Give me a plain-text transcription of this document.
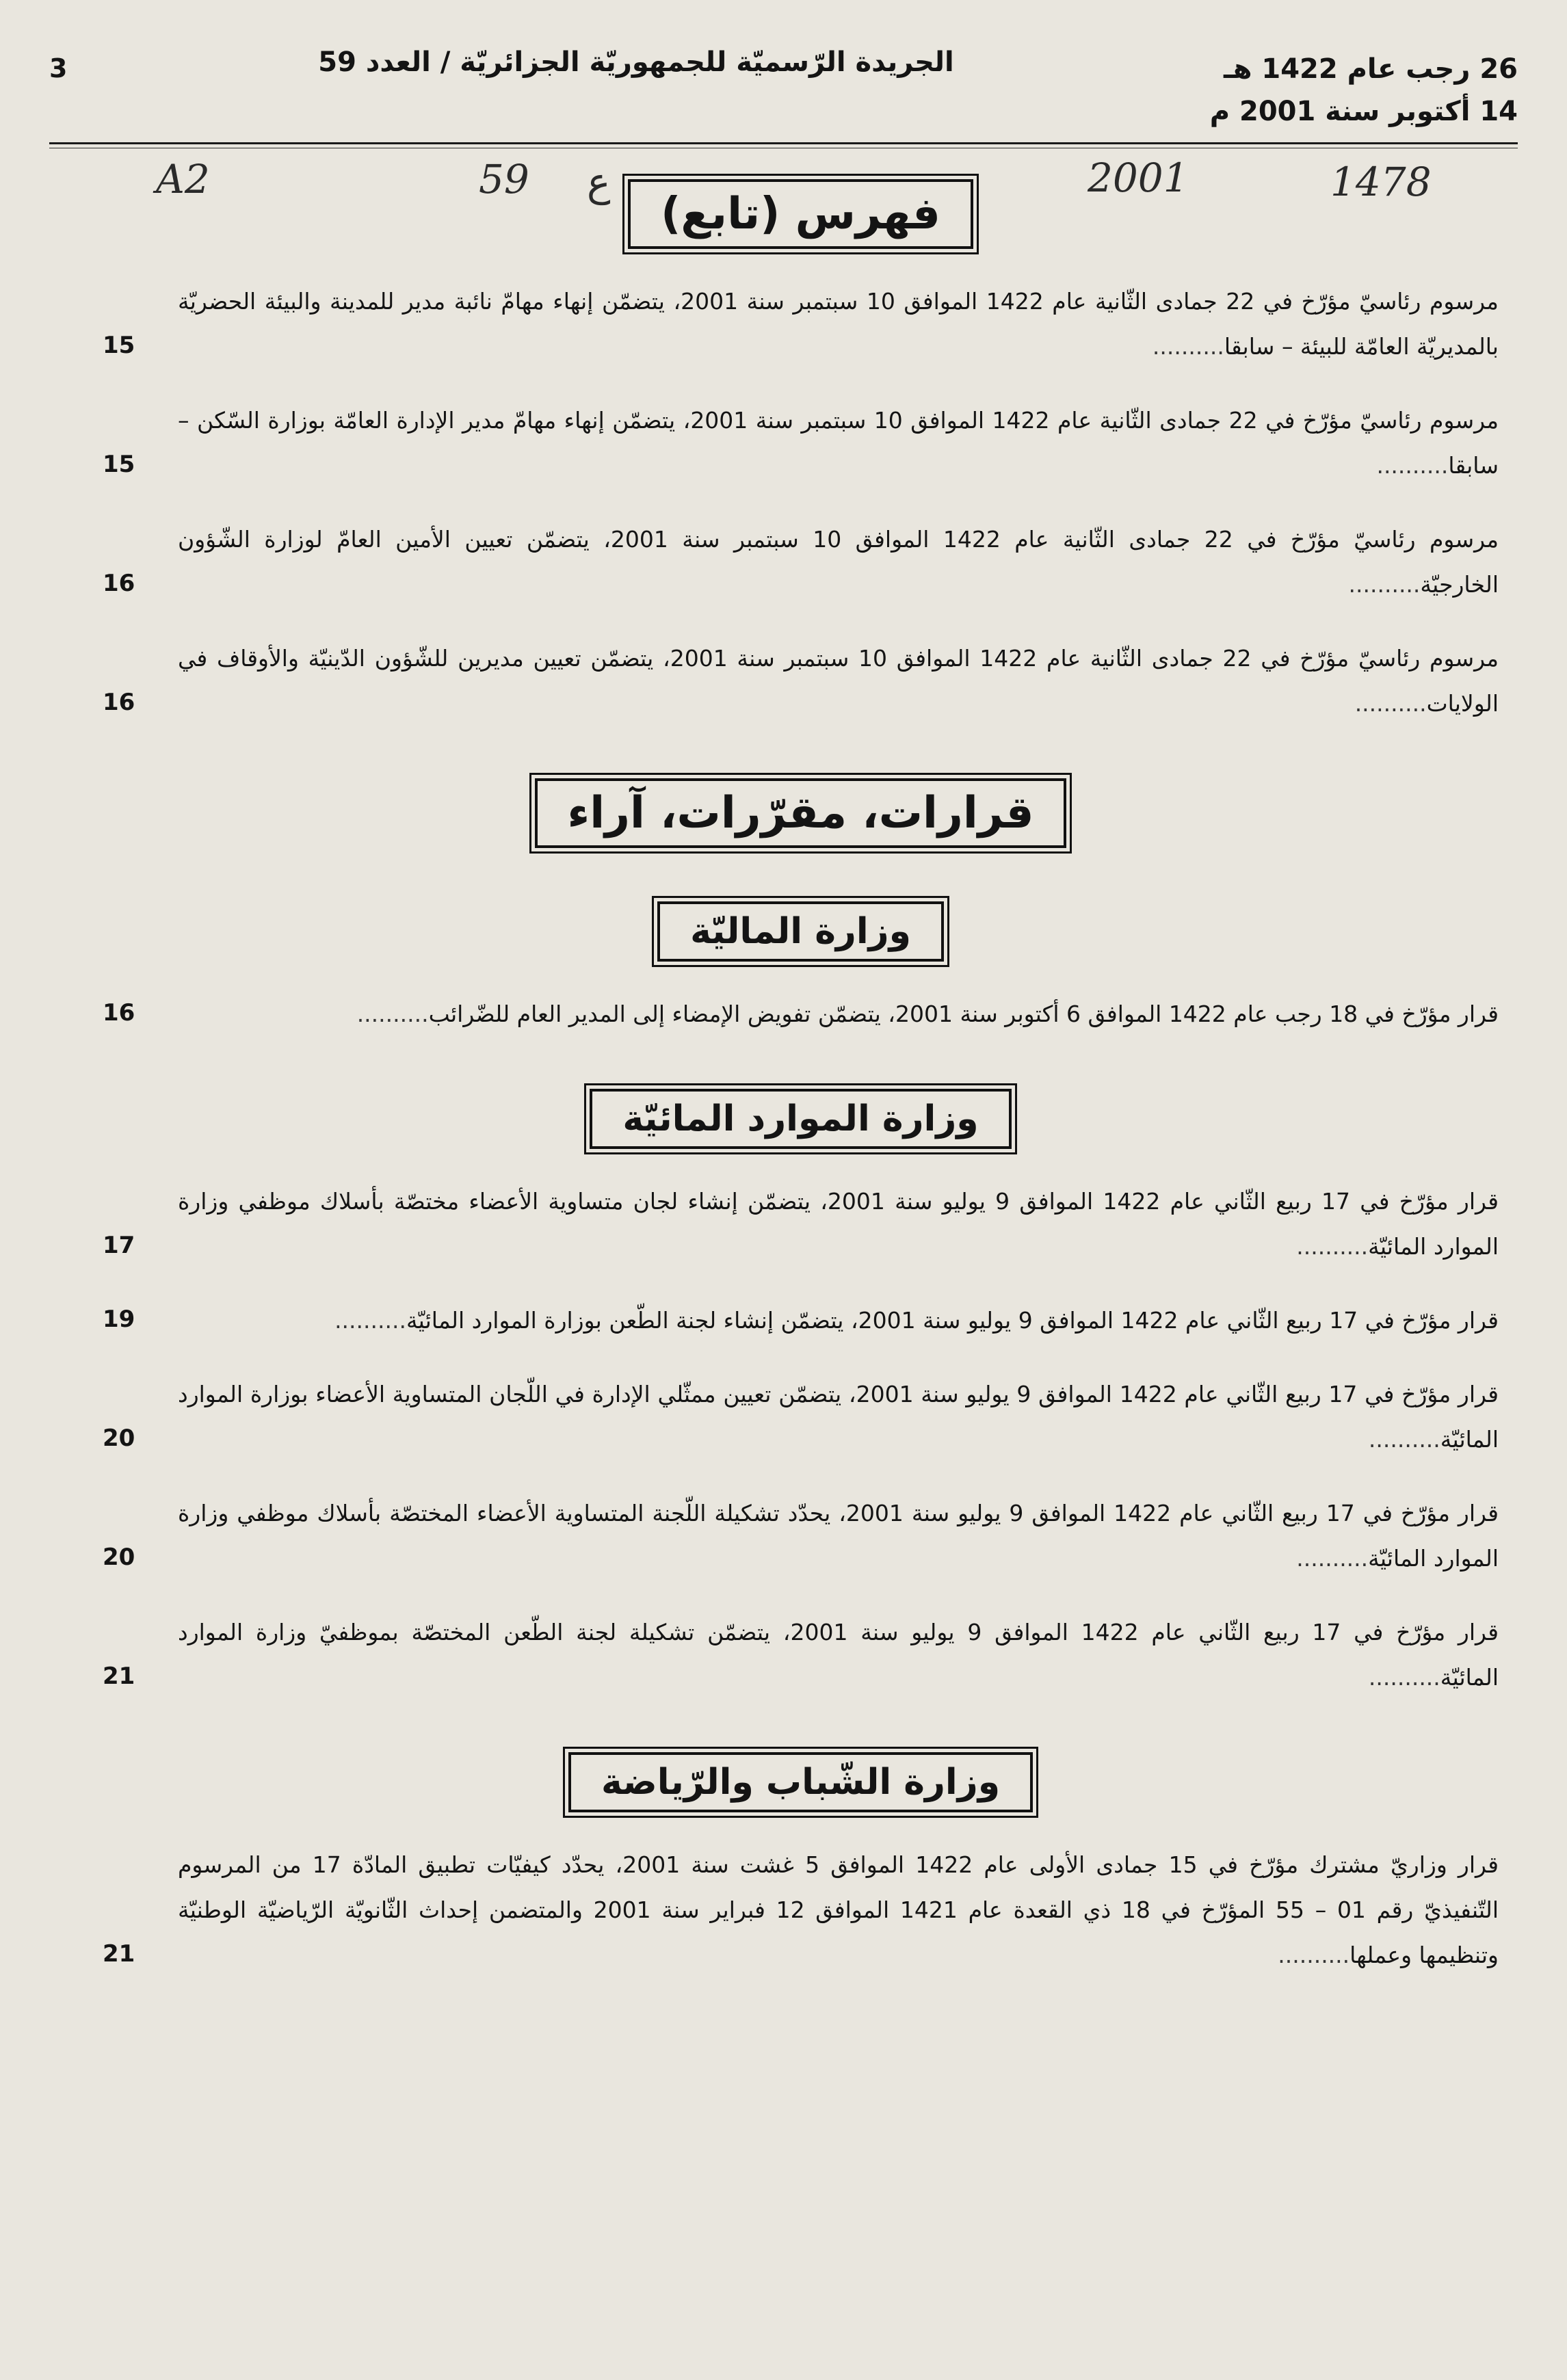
3	الجريدة الرّسميّة للجمهوريّة الجزائريّة / العدد 59	26 رجب عام 1422 هـ
14 أكتوبر سنة 2001 م
A2	59 ع	2001	1478
فهرس (تابع)
مرسوم رئاسيّ مؤرّخ في 22 جمادى الثّانية عام 1422 الموافق 10 سبتمبر سنة 2001، يتضمّن إنهاء مهامّ نائبة مدير للمدينة والبيئة الحضريّة بالمديريّة العامّة للبيئة – سابقا..........
15
مرسوم رئاسيّ مؤرّخ في 22 جمادى الثّانية عام 1422 الموافق 10 سبتمبر سنة 2001، يتضمّن إنهاء مهامّ مدير الإدارة العامّة بوزارة السّكن – سابقا..........
15
مرسوم رئاسيّ مؤرّخ في 22 جمادى الثّانية عام 1422 الموافق 10 سبتمبر سنة 2001، يتضمّن تعيين الأمين العامّ لوزارة الشّؤون الخارجيّة..........
16
مرسوم رئاسيّ مؤرّخ في 22 جمادى الثّانية عام 1422 الموافق 10 سبتمبر سنة 2001، يتضمّن تعيين مديرين للشّؤون الدّينيّة والأوقاف في الولايات..........
16
قرارات، مقرّرات، آراء
وزارة الماليّة
قرار مؤرّخ في 18 رجب عام 1422 الموافق 6 أكتوبر سنة 2001، يتضمّن تفويض الإمضاء إلى المدير العام للضّرائب..........
16
وزارة الموارد المائيّة
قرار مؤرّخ في 17 ربيع الثّاني عام 1422 الموافق 9 يوليو سنة 2001، يتضمّن إنشاء لجان متساوية الأعضاء مختصّة بأسلاك موظفي وزارة الموارد المائيّة..........
17
قرار مؤرّخ في 17 ربيع الثّاني عام 1422 الموافق 9 يوليو سنة 2001، يتضمّن إنشاء لجنة الطّعن بوزارة الموارد المائيّة..........
19
قرار مؤرّخ في 17 ربيع الثّاني عام 1422 الموافق 9 يوليو سنة 2001، يتضمّن تعيين ممثّلي الإدارة في اللّجان المتساوية الأعضاء بوزارة الموارد المائيّة..........
20
قرار مؤرّخ في 17 ربيع الثّاني عام 1422 الموافق 9 يوليو سنة 2001، يحدّد تشكيلة اللّجنة المتساوية الأعضاء المختصّة بأسلاك موظفي وزارة الموارد المائيّة..........
20
قرار مؤرّخ في 17 ربيع الثّاني عام 1422 الموافق 9 يوليو سنة 2001، يتضمّن تشكيلة لجنة الطّعن المختصّة بموظفيّ وزارة الموارد المائيّة..........
21
وزارة الشّباب والرّياضة
قرار وزاريّ مشترك مؤرّخ في 15 جمادى الأولى عام 1422 الموافق 5 غشت سنة 2001، يحدّد كيفيّات تطبيق المادّة 17 من المرسوم التّنفيذيّ رقم 01 – 55 المؤرّخ في 18 ذي القعدة عام 1421 الموافق 12 فبراير سنة 2001 والمتضمن إحداث الثّانويّة الرّياضيّة الوطنيّة وتنظيمها وعملها..........
21
